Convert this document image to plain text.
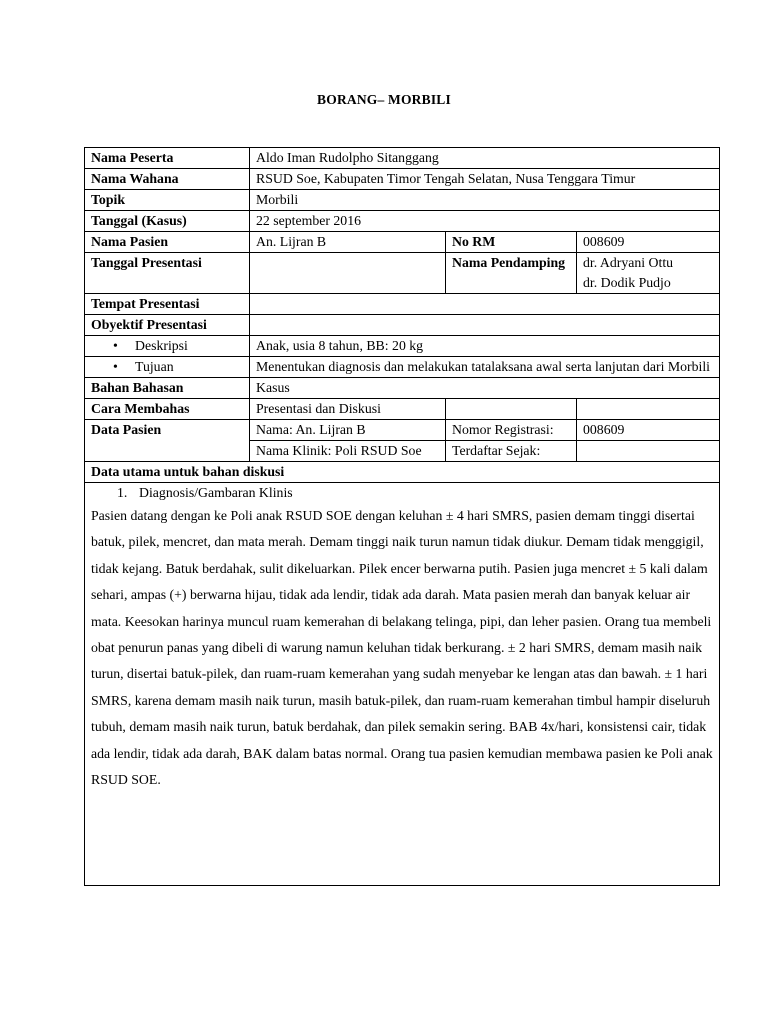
BORANG– MORBILI
Nama Peserta	Aldo Iman Rudolpho Sitanggang		
Nama Wahana	RSUD Soe, Kabupaten Timor Tengah Selatan, Nusa Tenggara Timur		
Topik	Morbili		
Tanggal (Kasus)	22 september 2016		
Nama Pasien	An. Lijran B	No RM	008609
Tanggal Presentasi		Nama Pendamping	dr. Adryani Ottu
dr. Dodik Pudjo

Tempat Presentasi			
Obyektif Presentasi			
• Deskripsi	Anak, usia 8 tahun, BB: 20 kg		
• Tujuan	Menentukan diagnosis dan melakukan tatalaksana awal serta lanjutan dari Morbili		
Bahan Bahasan	Kasus		
Cara Membahas	Presentasi dan Diskusi		
Data Pasien	Nama: An. Lijran B	Nomor Registrasi:	008609
	Nama Klinik: Poli RSUD Soe	Terdaftar Sejak:	
Data utama untuk bahan diskusi			

1. Diagnosis/Gambaran Klinis

Pasien datang dengan ke Poli anak RSUD SOE dengan keluhan ± 4 hari SMRS, pasien demam tinggi disertai batuk, pilek, mencret, dan mata merah. Demam tinggi naik turun namun tidak diukur. Demam tidak menggigil, tidak kejang. Batuk berdahak, sulit dikeluarkan. Pilek encer berwarna putih. Pasien juga mencret ± 5 kali dalam sehari, ampas (+) berwarna hijau, tidak ada lendir, tidak ada darah. Mata pasien merah dan banyak keluar air mata. Keesokan harinya muncul ruam kemerahan di belakang telinga, pipi, dan leher pasien. Orang tua membeli obat penurun panas yang dibeli di warung namun keluhan tidak berkurang. ± 2 hari SMRS, demam masih naik turun, disertai batuk-pilek, dan ruam-ruam kemerahan yang sudah menyebar ke lengan atas dan bawah. ± 1 hari SMRS, karena demam masih naik turun, masih batuk-pilek, dan ruam-ruam kemerahan timbul hampir diseluruh tubuh, demam masih naik turun, batuk berdahak, dan pilek semakin sering. BAB 4x/hari, konsistensi cair, tidak ada lendir, tidak ada darah, BAK dalam batas normal. Orang tua pasien kemudian membawa pasien ke Poli anak RSUD SOE.			
